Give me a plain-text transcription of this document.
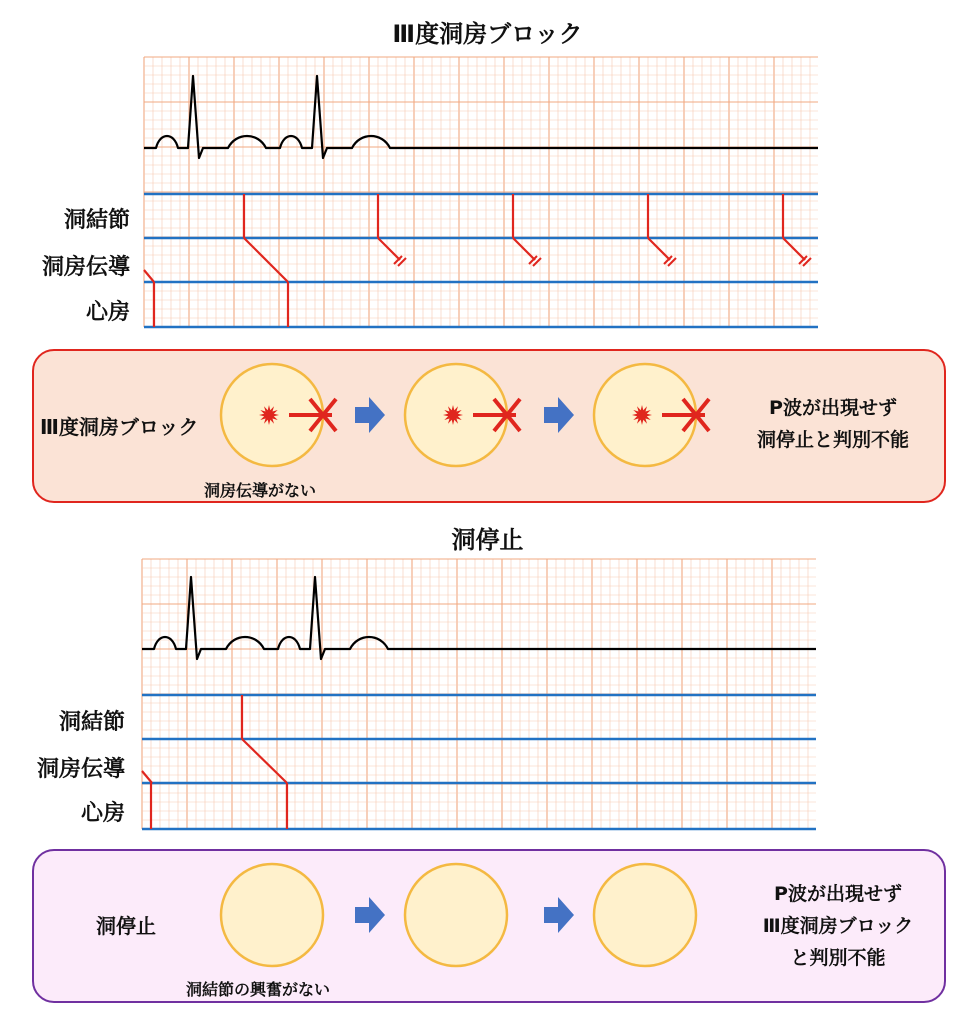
Ⅲ度洞房ブロック
洞結節
洞房伝導
心房
Ⅲ度洞房ブロック
洞房伝導がない
P波が出現せず
洞停止と判別不能
洞停止
洞結節
洞房伝導
心房
洞停止
洞結節の興奮がない
P波が出現せず
Ⅲ度洞房ブロック
と判別不能
